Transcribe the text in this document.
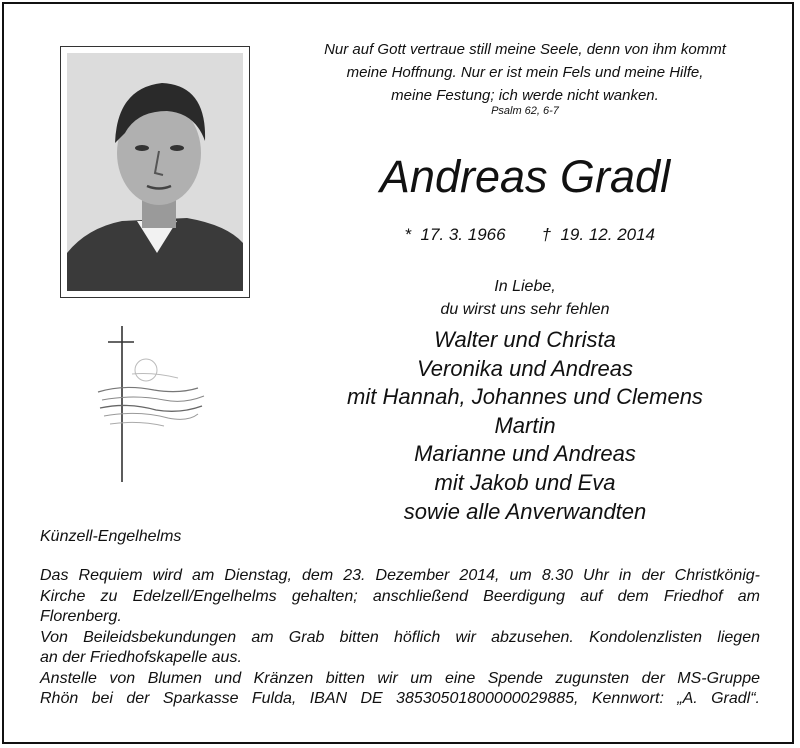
Nur auf Gott vertraue still meine Seele, denn von ihm kommt
meine Hoffnung. Nur er ist mein Fels und meine Hilfe,
meine Festung; ich werde nicht wanken.
Psalm 62, 6-7
Andreas Gradl

*  17. 3. 1966 †  19. 12. 2014

In Liebe,
du wirst uns sehr fehlen
Walter und Christa
Veronika und Andreas
mit Hannah, Johannes und Clemens
Martin
Marianne und Andreas
mit Jakob und Eva
sowie alle Anverwandten
Künzell-Engelhelms

Das Requiem wird am Dienstag, dem 23. Dezember 2014, um 8.30 Uhr in der Christkönig-
Kirche zu Edelzell/Engelhelms gehalten; anschließend Beerdigung auf dem Friedhof am
Florenberg.

Von Beileidsbekundungen am Grab bitten höflich wir abzusehen. Kondolenzlisten liegen
an der Friedhofskapelle aus.

Anstelle von Blumen und Kränzen bitten wir um eine Spende zugunsten der MS-Gruppe
Rhön bei der Sparkasse Fulda, IBAN DE 38530501800000029885, Kennwort: „A. Gradl“.
